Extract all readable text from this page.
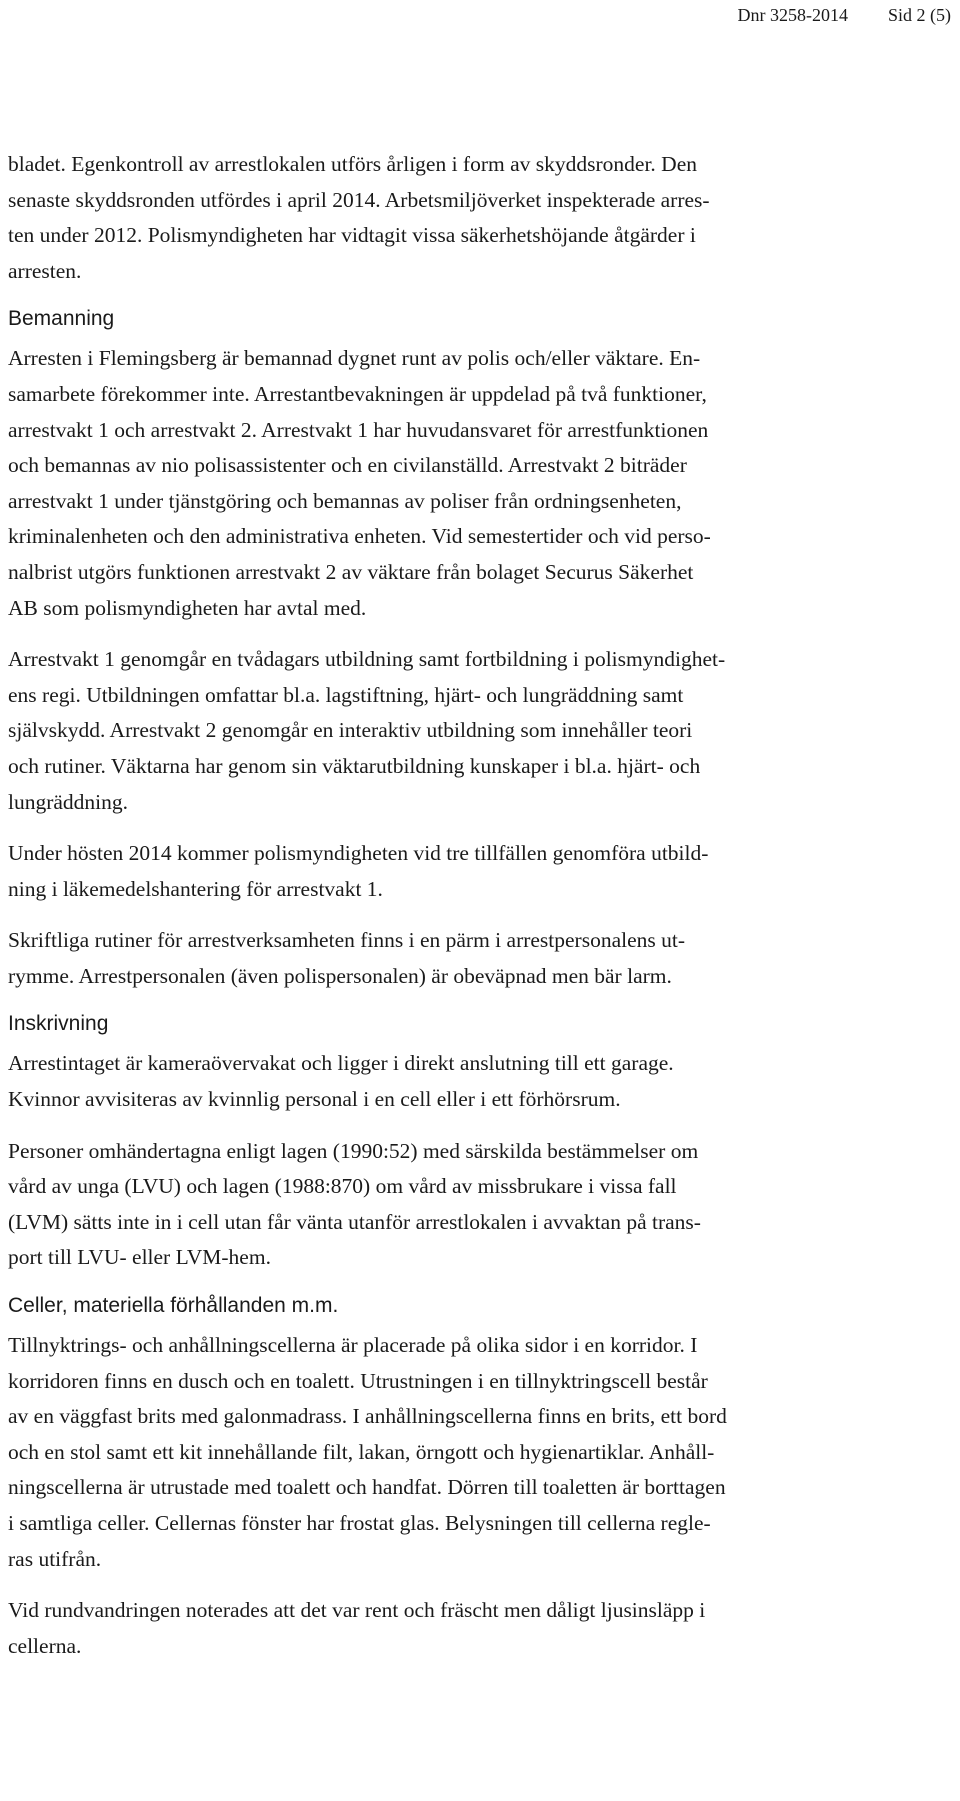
Dnr 3258-2014 Sid 2 (5)

bladet. Egenkontroll av arrestlokalen utförs årligen i form av skyddsronder. Den
senaste skyddsronden utfördes i april 2014. Arbetsmiljöverket inspekterade arres-
ten under 2012. Polismyndigheten har vidtagit vissa säkerhetshöjande åtgärder i
arresten.

Bemanning

Arresten i Flemingsberg är bemannad dygnet runt av polis och/eller väktare. En-
samarbete förekommer inte. Arrestantbevakningen är uppdelad på två funktioner,
arrestvakt 1 och arrestvakt 2. Arrestvakt 1 har huvudansvaret för arrestfunktionen
och bemannas av nio polisassistenter och en civilanställd. Arrestvakt 2 biträder
arrestvakt 1 under tjänstgöring och bemannas av poliser från ordningsenheten,
kriminalenheten och den administrativa enheten. Vid semestertider och vid perso-
nalbrist utgörs funktionen arrestvakt 2 av väktare från bolaget Securus Säkerhet
AB som polismyndigheten har avtal med.

Arrestvakt 1 genomgår en tvådagars utbildning samt fortbildning i polismyndighet-
ens regi. Utbildningen omfattar bl.a. lagstiftning, hjärt- och lungräddning samt
självskydd. Arrestvakt 2 genomgår en interaktiv utbildning som innehåller teori
och rutiner. Väktarna har genom sin väktarutbildning kunskaper i bl.a. hjärt- och
lungräddning.

Under hösten 2014 kommer polismyndigheten vid tre tillfällen genomföra utbild-
ning i läkemedelshantering för arrestvakt 1.

Skriftliga rutiner för arrestverksamheten finns i en pärm i arrestpersonalens ut-
rymme. Arrestpersonalen (även polispersonalen) är obeväpnad men bär larm.

Inskrivning

Arrestintaget är kameraövervakat och ligger i direkt anslutning till ett garage.
Kvinnor avvisiteras av kvinnlig personal i en cell eller i ett förhörsrum.

Personer omhändertagna enligt lagen (1990:52) med särskilda bestämmelser om
vård av unga (LVU) och lagen (1988:870) om vård av missbrukare i vissa fall
(LVM) sätts inte in i cell utan får vänta utanför arrestlokalen i avvaktan på trans-
port till LVU- eller LVM-hem.

Celler, materiella förhållanden m.m.

Tillnyktrings- och anhållningscellerna är placerade på olika sidor i en korridor. I
korridoren finns en dusch och en toalett. Utrustningen i en tillnyktringscell består
av en väggfast brits med galonmadrass. I anhållningscellerna finns en brits, ett bord
och en stol samt ett kit innehållande filt, lakan, örngott och hygienartiklar. Anhåll-
ningscellerna är utrustade med toalett och handfat. Dörren till toaletten är borttagen
i samtliga celler. Cellernas fönster har frostat glas. Belysningen till cellerna regle-
ras utifrån.

Vid rundvandringen noterades att det var rent och fräscht men dåligt ljusinsläpp i
cellerna.
